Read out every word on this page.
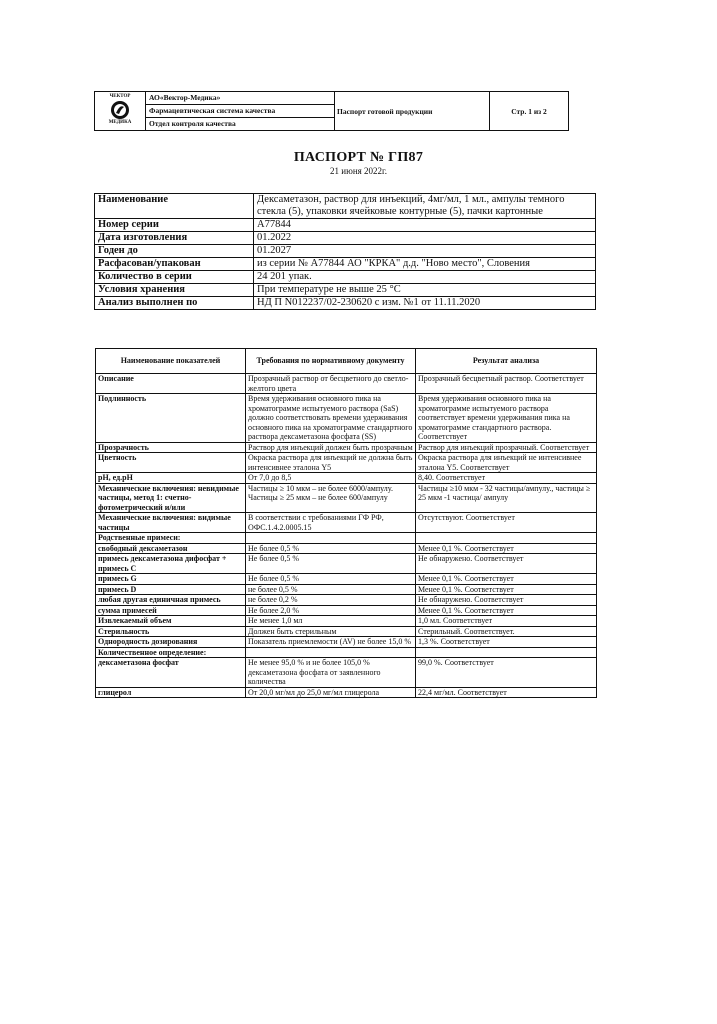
ЧЕКТОР
МЕДИКА

АО«Вектор-Медика»
Фармацевтическая система качества
Отдел контроля качества
	Паспорт готовой продукции	Стр. 1 из 2
ПАСПОРТ № ГП87
21 июня 2022г.
Наименование	Дексаметазон, раствор для инъекций, 4мг/мл, 1 мл., ампулы темного стекла (5), упаковки ячейковые контурные (5), пачки картонные
Номер серии	А77844
Дата изготовления	01.2022
Годен до	01.2027
Расфасован/упакован	из серии № А77844 АО "КРКА" д.д. "Ново место", Словения
Количество в серии	24 201 упак.
Условия хранения	При температуре не выше 25 °С
Анализ выполнен по	НД П N012237/02-230620 с изм. №1 от 11.11.2020
Наименование показателей	Требования по нормативному документу	Результат анализа
Описание	Прозрачный раствор от бесцветного до светло-желтого цвета	Прозрачный бесцветный раствор. Соответствует
Подлинность	Время удерживания основного пика на хроматограмме испытуемого раствора (SaS) должно соответствовать времени удерживания основного пика на хроматограмме стандартного раствора дексаметазона фосфата (SS)	Время удерживания основного пика на хроматограмме испытуемого раствора соответствует времени удерживания пика на хроматограмме стандартного раствора. Соответствует
Прозрачность	Раствор для инъекций должен быть прозрачным	Раствор для инъекций прозрачный. Соответствует
Цветность	Окраска раствора для инъекций не должна быть интенсивнее эталона Y5	Окраска раствора для инъекций не интенсивнее эталона Y5. Соответствует
pH, ед.pH	От 7,0 до 8,5	8,40. Соответствует
Механические включения: невидимые частицы, метод 1: счетно-фотометрический и/или	Частицы ≥ 10 мкм – не более 6000/ампулу. Частицы ≥ 25 мкм – не более 600/ампулу	Частицы ≥10 мкм - 32 частицы/ампулу., частицы ≥ 25 мкм -1 частица/ ампулу
Механические включения: видимые частицы	В соответствии с требованиями ГФ РФ, ОФС.1.4.2.0005.15	Отсутствуют. Соответствует
Родственные примеси:		
свободный дексаметазон	Не более 0,5 %	Менее 0,1 %. Соответствует
примесь дексаметазона дифосфат + примесь С	Не более 0,5 %	Не обнаружено. Соответствует
примесь G	Не более 0,5 %	Менее 0,1 %. Соответствует
примесь D	не более 0,5 %	Менее 0,1 %. Соответствует
любая другая единичная примесь	не более 0,2 %	Не обнаружено. Соответствует
сумма примесей	Не более 2,0 %	Менее 0,1 %. Соответствует
Извлекаемый объем	Не менее 1,0 мл	1,0 мл. Соответствует
Стерильность	Должен быть стерильным	Стерильный. Соответствует.
Однородность дозирования	Показатель приемлемости (AV) не более 15,0 %	1,3 %. Соответствует
Количественное определение:		
дексаметазона фосфат	Не менее 95,0 % и не более 105,0 % дексаметазона фосфата от заявленного количества	99,0 %. Соответствует
глицерол	От 20,0 мг/мл до 25,0 мг/мл глицерола	22,4 мг/мл. Соответствует
